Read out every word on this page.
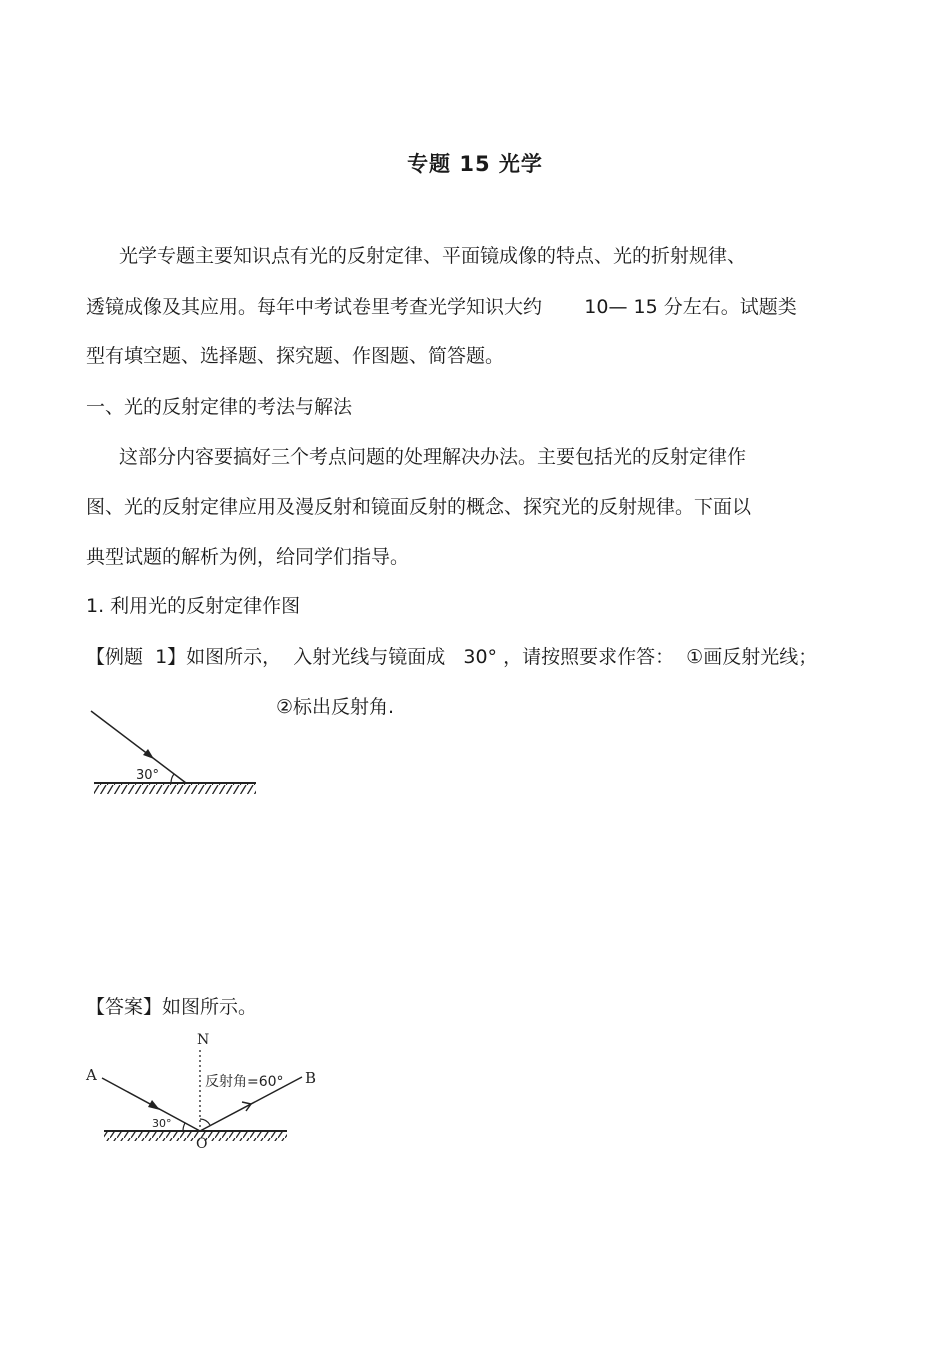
专题 15 光学
光学专题主要知识点有光的反射定律、平面镜成像的特点、光的折射规律、
透镜成像及其应用。每年中考试卷里考查光学知识大约       10— 15 分左右。试题类
型有填空题、选择题、探究题、作图题、简答题。
一、光的反射定律的考法与解法
这部分内容要搞好三个考点问题的处理解决办法。主要包括光的反射定律作
图、光的反射定律应用及漫反射和镜面反射的概念、探究光的反射规律。下面以
典型试题的解析为例，给同学们指导。
1. 利用光的反射定律作图
【例题  1】如图所示，  入射光线与镜面成   30° ，请按照要求作答：  ①画反射光线；
②标出反射角.
30°
【答案】如图所示。
N
A	B
O
30°
反射角=60°
